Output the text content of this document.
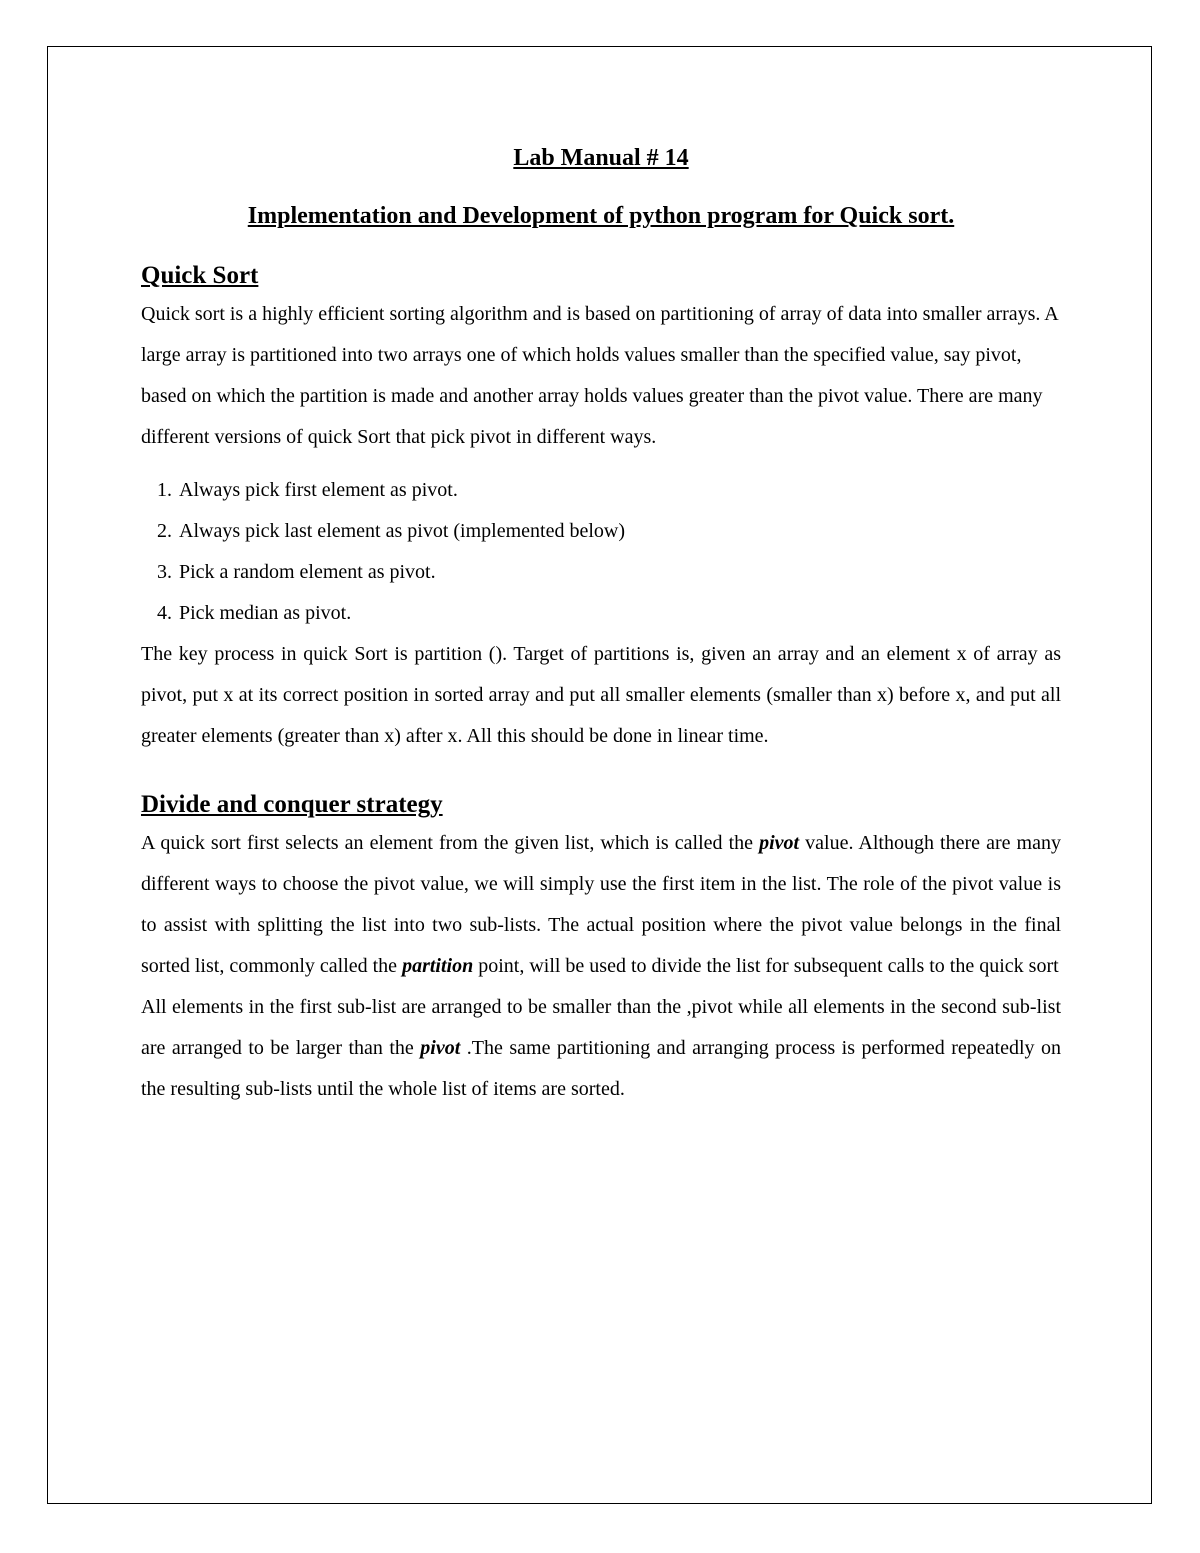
Lab Manual # 14
Implementation and Development of python program for Quick sort.
Quick Sort

Quick sort is a highly efficient sorting algorithm and is based on partitioning of array of data into smaller arrays. A large array is partitioned into two arrays one of which holds values smaller than the specified value, say pivot, based on which the partition is made and another array holds values greater than the pivot value. There are many different versions of quick Sort that pick pivot in different ways.

1. Always pick first element as pivot.
2. Always pick last element as pivot (implemented below)
3. Pick a random element as pivot.
4. Pick median as pivot.

The key process in quick Sort is partition (). Target of partitions is, given an array and an element x of array as pivot, put x at its correct position in sorted array and put all smaller elements (smaller than x) before x, and put all greater elements (greater than x) after x. All this should be done in linear time.

Divide and conquer strategy

A quick sort first selects an element from the given list, which is called the pivot value. Although there are many different ways to choose the pivot value, we will simply use the first item in the list. The role of the pivot value is to assist with splitting the list into two sub-lists. The actual position where the pivot value belongs in the final sorted list, commonly called the partition point, will be used to divide the list for subsequent calls to the quick sort

All elements in the first sub-list are arranged to be smaller than the ,pivot while all elements in the second sub-list are arranged to be larger than the pivot .The same partitioning and arranging process is performed repeatedly on the resulting sub-lists until the whole list of items are sorted.
